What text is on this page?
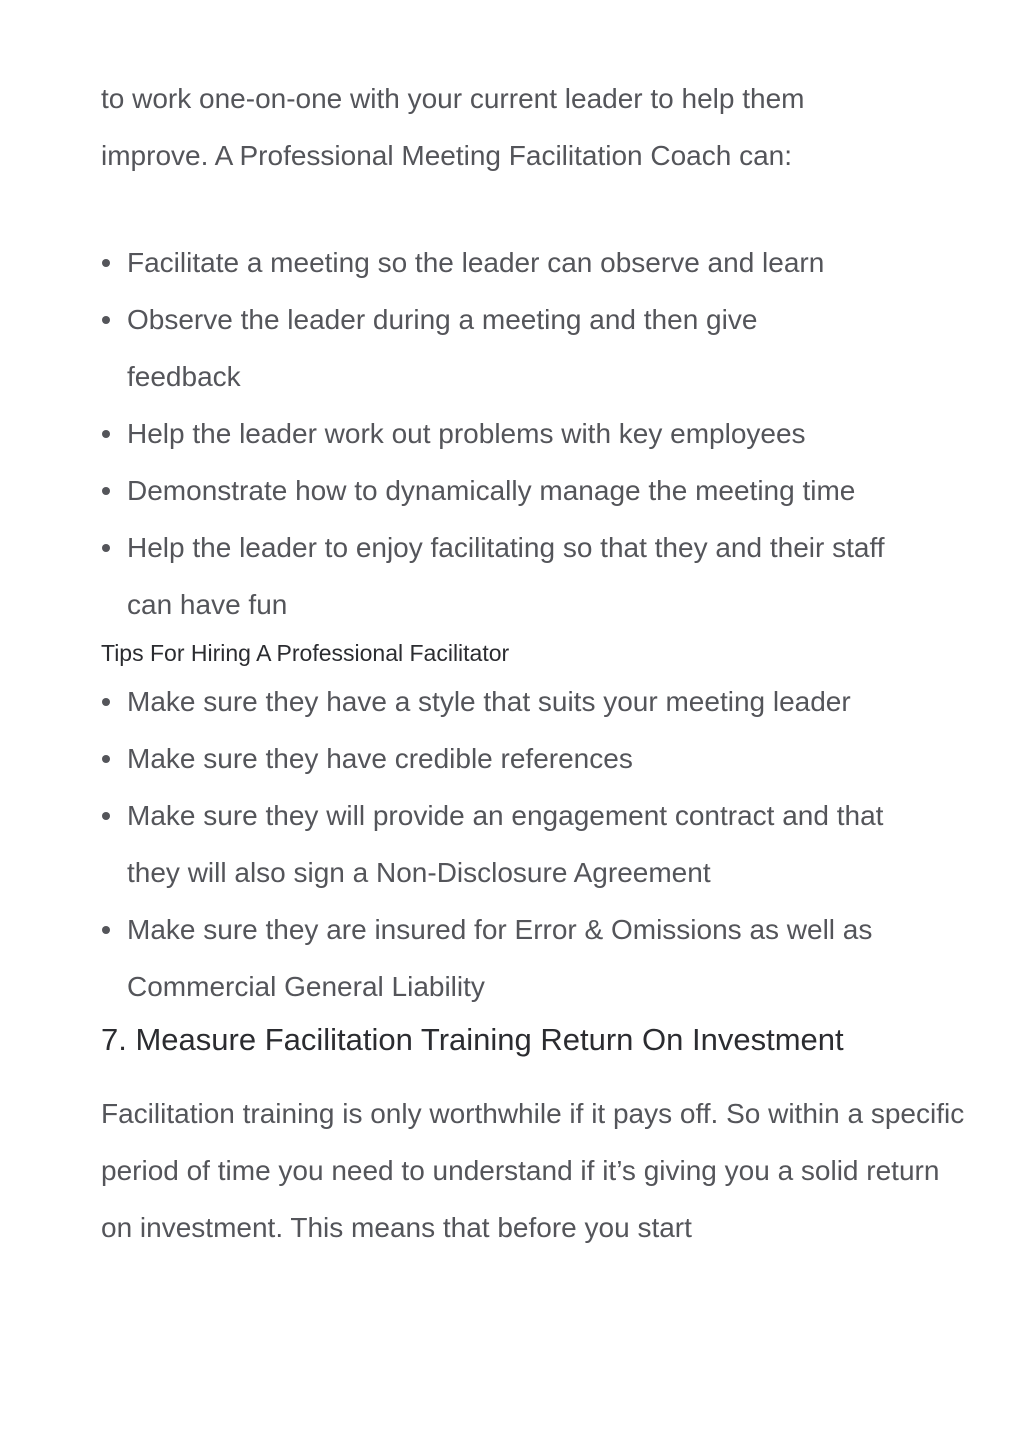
to work one-on-one with your current leader to help them
improve. A Professional Meeting Facilitation Coach can:

Facilitate a meeting so the leader can observe and learn
Observe the leader during a meeting and then give feedback
Help the leader work out problems with key employees
Demonstrate how to dynamically manage the meeting time
Help the leader to enjoy facilitating so that they and their staff can have fun
Tips For Hiring A Professional Facilitator
Make sure they have a style that suits your meeting leader
Make sure they have credible references
Make sure they will provide an engagement contract and that they will also sign a Non-Disclosure Agreement
Make sure they are insured for Error & Omissions as well as Commercial General Liability
7. Measure Facilitation Training Return On Investment

Facilitation training is only worthwhile if it pays off. So within a specific period of time you need to understand if it’s giving you a solid return on investment. This means that before you start
